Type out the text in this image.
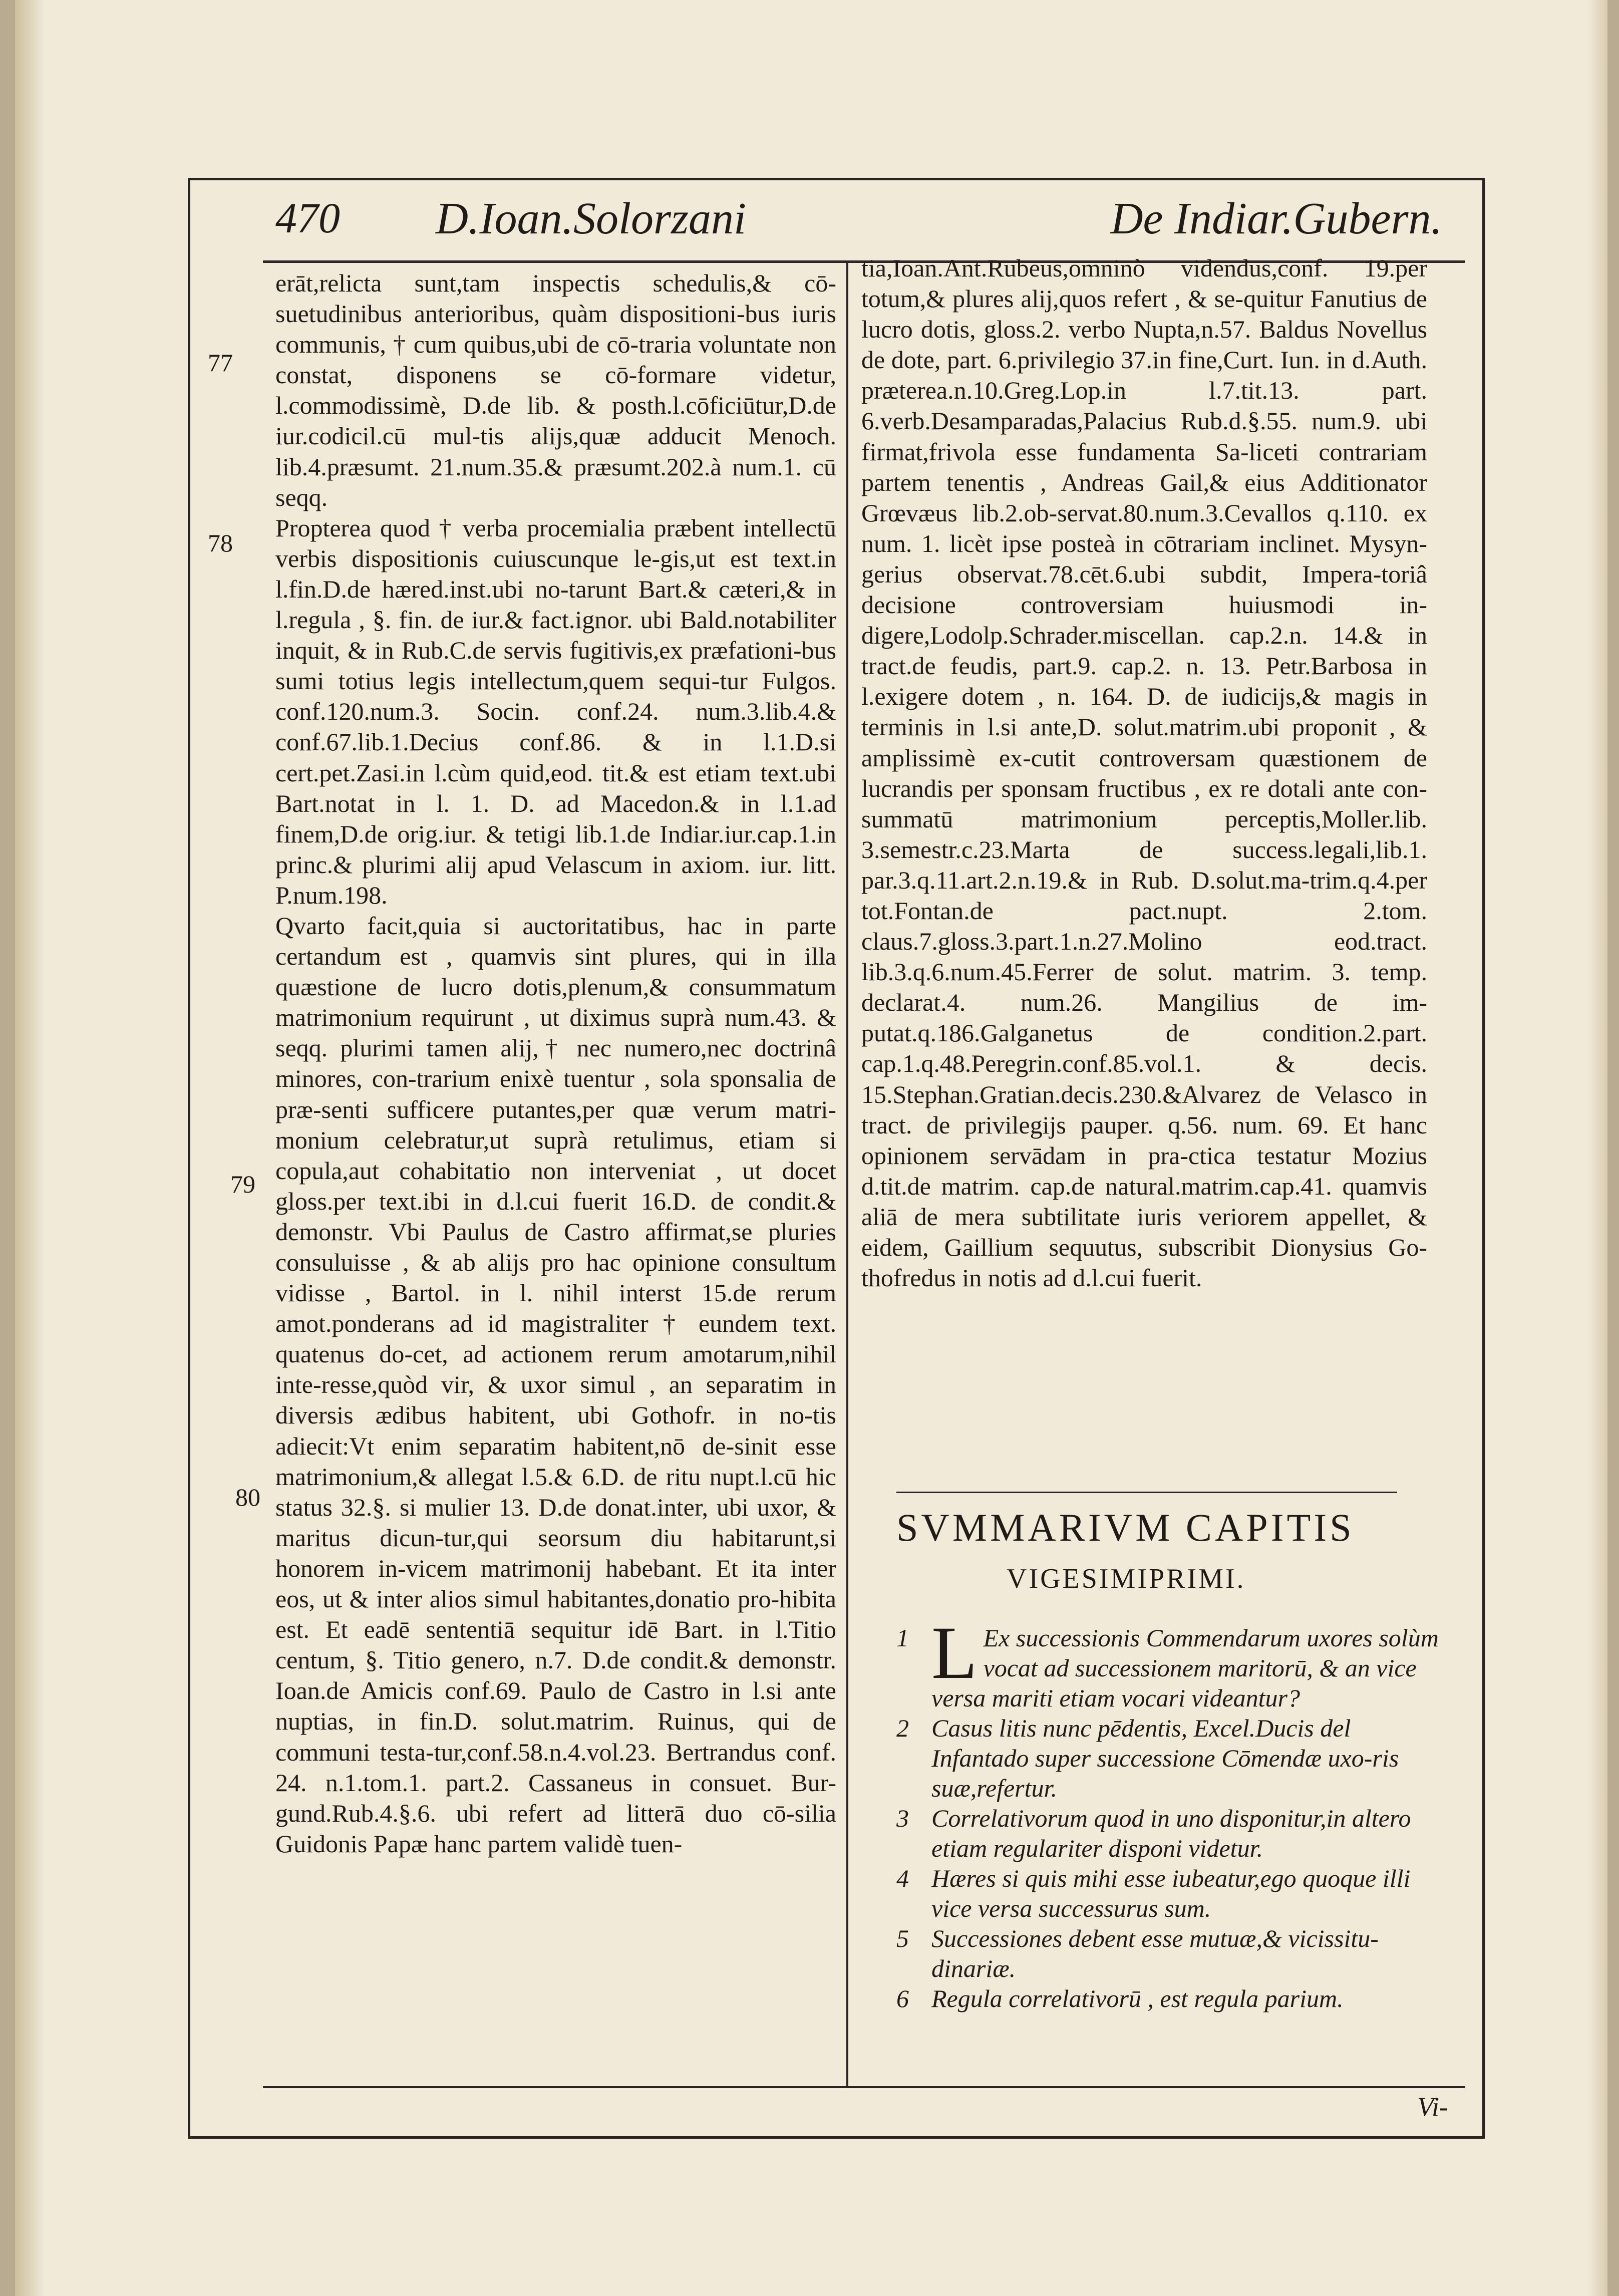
470 D.Ioan.Solorzani	De Indiar.Gubern.
77
78
79
80

erāt,relicta sunt,tam inspectis schedulis,& cō-suetudinibus anterioribus, quàm dispositioni-bus iuris communis, † cum quibus,ubi de cō-traria voluntate non constat, disponens se cō-formare videtur, l.commodissimè, D.de lib. & posth.l.cōficiūtur,D.de iur.codicil.cū mul-tis alijs,quæ adducit Menoch. lib.4.præsumt. 21.num.35.& præsumt.202.à num.1. cū seqq.

Propterea quod † verba procemialia præbent intellectū verbis dispositionis cuiuscunque le-gis,ut est text.in l.fin.D.de hæred.inst.ubi no-tarunt Bart.& cæteri,& in l.regula , §. fin. de iur.& fact.ignor. ubi Bald.notabiliter inquit, & in Rub.C.de servis fugitivis,ex præfationi-bus sumi totius legis intellectum,quem sequi-tur Fulgos. conf.120.num.3. Socin. conf.24. num.3.lib.4.& conf.67.lib.1.Decius conf.86. & in l.1.D.si cert.pet.Zasi.in l.cùm quid,eod. tit.& est etiam text.ubi Bart.notat in l. 1. D. ad Macedon.& in l.1.ad finem,D.de orig.iur. & tetigi lib.1.de Indiar.iur.cap.1.in princ.& plurimi alij apud Velascum in axiom. iur. litt. P.num.198.

Qvarto facit,quia si auctoritatibus, hac in parte certandum est , quamvis sint plures, qui in illa quæstione de lucro dotis,plenum,& consummatum matrimonium requirunt , ut diximus suprà num.43. & seqq. plurimi tamen alij,† nec numero,nec doctrinâ minores, con-trarium enixè tuentur , sola sponsalia de præ-senti sufficere putantes,per quæ verum matri-monium celebratur,ut suprà retulimus, etiam si copula,aut cohabitatio non interveniat , ut docet gloss.per text.ibi in d.l.cui fuerit 16.D. de condit.& demonstr. Vbi Paulus de Castro affirmat,se pluries consuluisse , & ab alijs pro hac opinione consultum vidisse , Bartol. in l. nihil interst 15.de rerum amot.ponderans ad id magistraliter † eundem text. quatenus do-cet, ad actionem rerum amotarum,nihil inte-resse,quòd vir, & uxor simul , an separatim in diversis ædibus habitent, ubi Gothofr. in no-tis adiecit:Vt enim separatim habitent,nō de-sinit esse matrimonium,& allegat l.5.& 6.D. de ritu nupt.l.cū hic status 32.§. si mulier 13. D.de donat.inter, ubi uxor, & maritus dicun-tur,qui seorsum diu habitarunt,si honorem in-vicem matrimonij habebant. Et ita inter eos, ut & inter alios simul habitantes,donatio pro-hibita est. Et eadē sententiā sequitur idē Bart. in l.Titio centum, §. Titio genero, n.7. D.de condit.& demonstr. Ioan.de Amicis conf.69. Paulo de Castro in l.si ante nuptias, in fin.D. solut.matrim. Ruinus, qui de communi testa-tur,conf.58.n.4.vol.23. Bertrandus conf. 24. n.1.tom.1. part.2. Cassaneus in consuet. Bur-gund.Rub.4.§.6. ubi refert ad litterā duo cō-silia Guidonis Papæ hanc partem validè tuen-

tia,Ioan.Ant.Rubeus,omninò videndus,conf. 19.per totum,& plures alij,quos refert , & se-quitur Fanutius de lucro dotis, gloss.2. verbo Nupta,n.57. Baldus Novellus de dote, part. 6.privilegio 37.in fine,Curt. Iun. in d.Auth. præterea.n.10.Greg.Lop.in l.7.tit.13. part. 6.verb.Desamparadas,Palacius Rub.d.§.55. num.9. ubi firmat,frivola esse fundamenta Sa-liceti contrariam partem tenentis , Andreas Gail,& eius Additionator Grœvæus lib.2.ob-servat.80.num.3.Cevallos q.110. ex num. 1. licèt ipse posteà in cōtrariam inclinet. Mysyn-gerius observat.78.cēt.6.ubi subdit, Impera-toriâ decisione controversiam huiusmodi in-digere,Lodolp.Schrader.miscellan. cap.2.n. 14.& in tract.de feudis, part.9. cap.2. n. 13. Petr.Barbosa in l.exigere dotem , n. 164. D. de iudicijs,& magis in terminis in l.si ante,D. solut.matrim.ubi proponit , & amplissimè ex-cutit controversam quæstionem de lucrandis per sponsam fructibus , ex re dotali ante con-summatū matrimonium perceptis,Moller.lib. 3.semestr.c.23.Marta de success.legali,lib.1. par.3.q.11.art.2.n.19.& in Rub. D.solut.ma-trim.q.4.per tot.Fontan.de pact.nupt. 2.tom. claus.7.gloss.3.part.1.n.27.Molino eod.tract. lib.3.q.6.num.45.Ferrer de solut. matrim. 3. temp. declarat.4. num.26. Mangilius de im-putat.q.186.Galganetus de condition.2.part. cap.1.q.48.Peregrin.conf.85.vol.1. & decis. 15.Stephan.Gratian.decis.230.&Alvarez de Velasco in tract. de privilegijs pauper. q.56. num. 69. Et hanc opinionem servādam in pra-ctica testatur Mozius d.tit.de matrim. cap.de natural.matrim.cap.41. quamvis aliā de mera subtilitate iuris veriorem appellet, & eidem, Gaillium sequutus, subscribit Dionysius Go-thofredus in notis ad d.l.cui fuerit.

SVMMARIVM CAPITIS
VIGESIMIPRIMI.
1 L Ex successionis Commendarum uxores solùm vocat ad successionem maritorū, & an vice versa mariti etiam vocari videantur?
2 Casus litis nunc pēdentis, Excel.Ducis del Infantado super successione Cōmendæ uxo-ris suæ,refertur.
3 Correlativorum quod in uno disponitur,in altero etiam regulariter disponi videtur.
4 Hæres si quis mihi esse iubeatur,ego quoque illi vice versa successurus sum.
5 Successiones debent esse mutuæ,& vicissitu-dinariæ.
6 Regula correlativorū , est regula parium.
Vi-
